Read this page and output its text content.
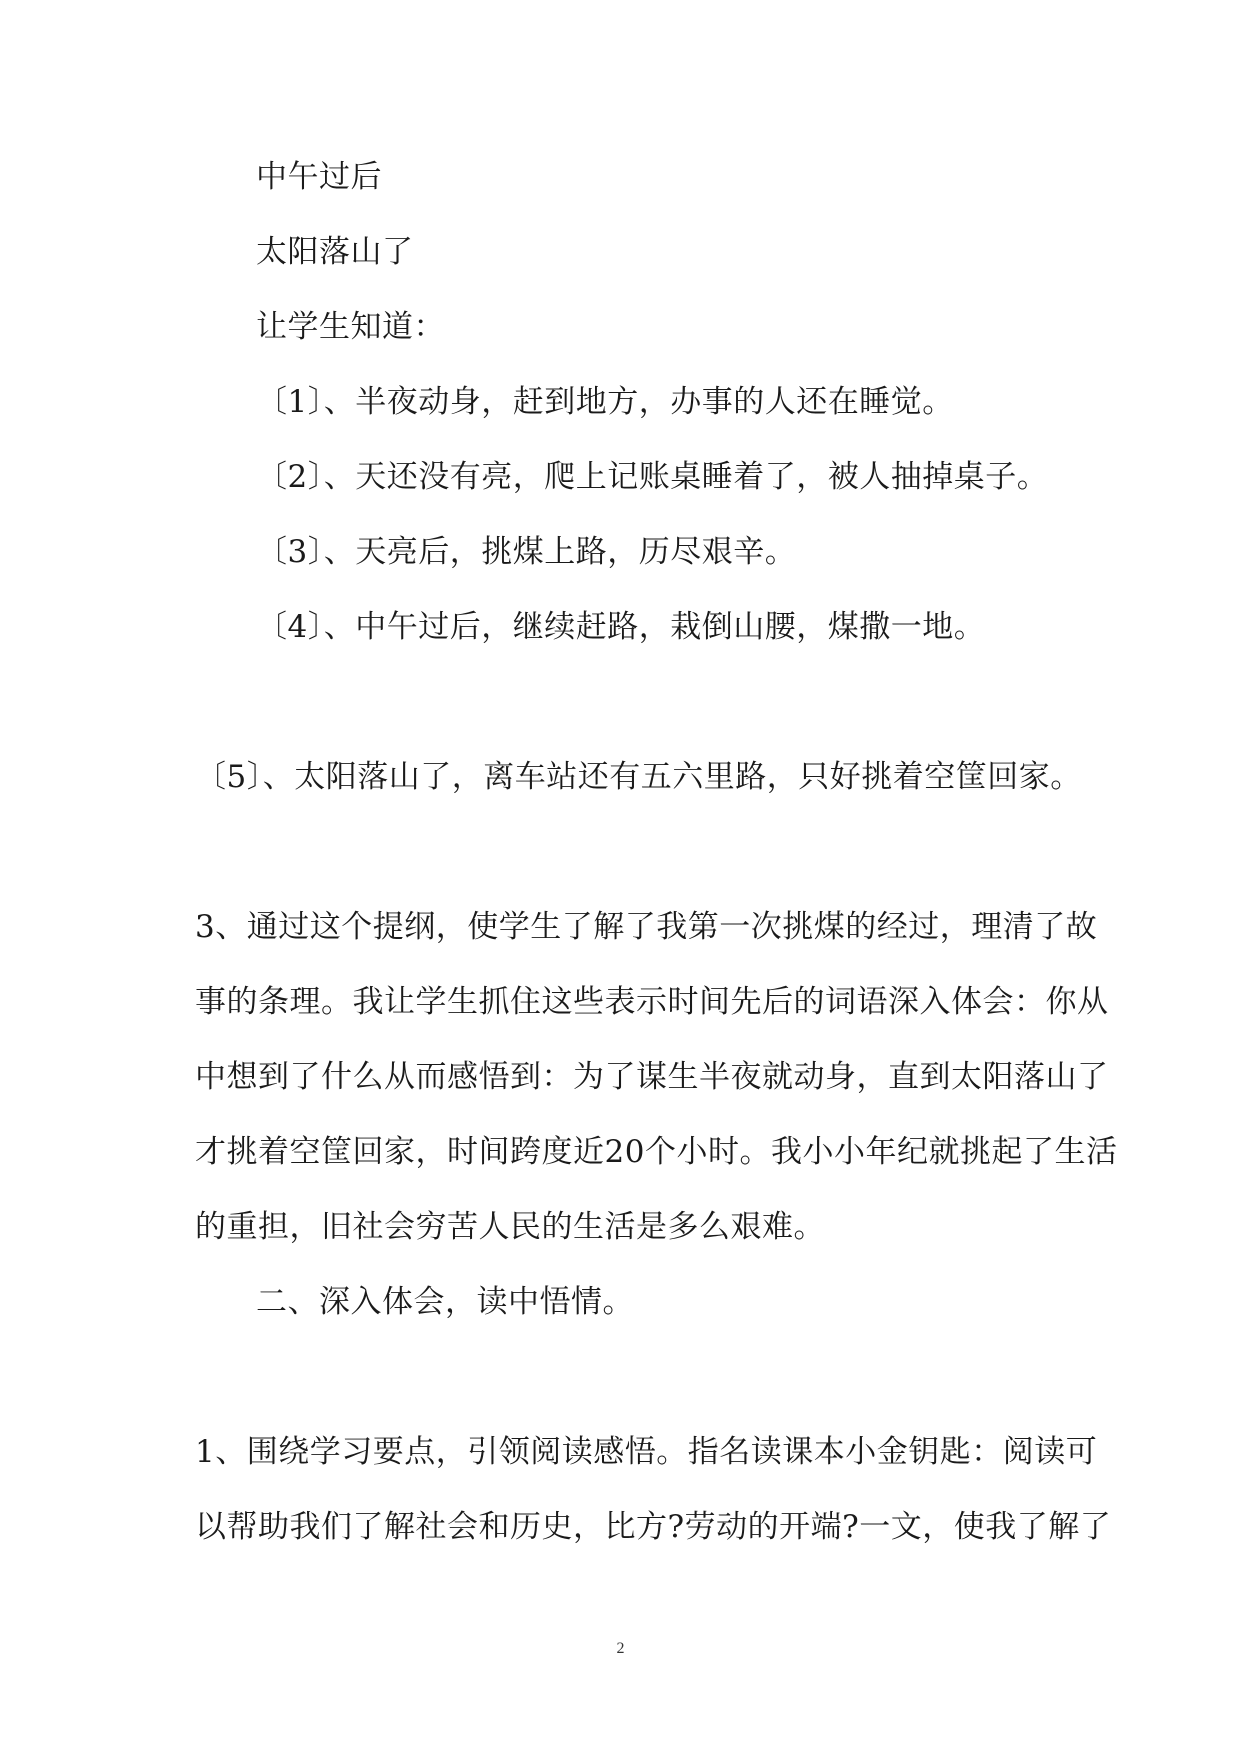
中午过后
太阳落山了
让学生知道：
〔1〕、半夜动身，赶到地方，办事的人还在睡觉。
〔2〕、天还没有亮，爬上记账桌睡着了，被人抽掉桌子。
〔3〕、天亮后，挑煤上路，历尽艰辛。
〔4〕、中午过后，继续赶路，栽倒山腰，煤撒一地。
〔5〕、太阳落山了，离车站还有五六里路，只好挑着空筐回家。
3、通过这个提纲，使学生了解了我第一次挑煤的经过，理清了故
事的条理。我让学生抓住这些表示时间先后的词语深入体会：你从
中想到了什么从而感悟到：为了谋生半夜就动身，直到太阳落山了
才挑着空筐回家，时间跨度近20个小时。我小小年纪就挑起了生活
的重担，旧社会穷苦人民的生活是多么艰难。
二、深入体会，读中悟情。
1、围绕学习要点，引领阅读感悟。指名读课本小金钥匙：阅读可
以帮助我们了解社会和历史，比方?劳动的开端?一文，使我了解了
2
